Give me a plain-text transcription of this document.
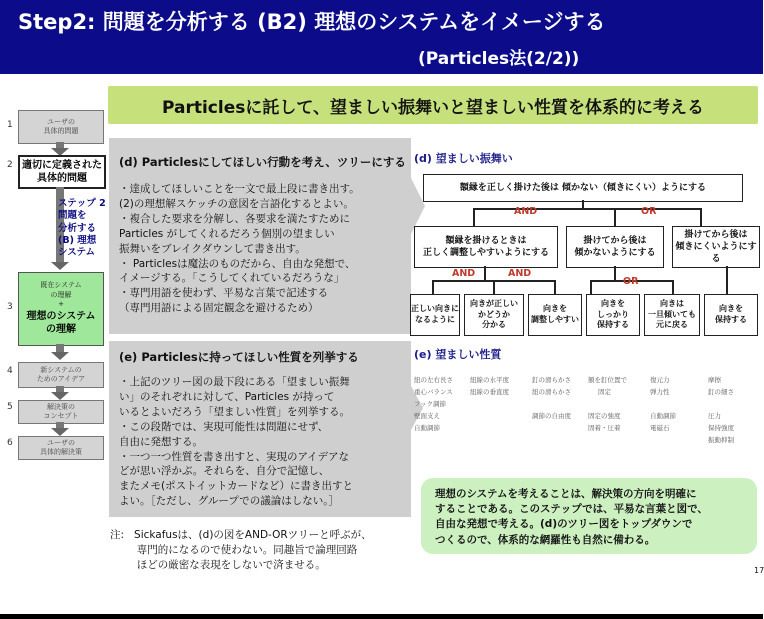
Step2: 問題を分析する (B2) 理想のシステムをイメージする
(Particles法(2/2))
Particlesに託して、望ましい振舞いと望ましい性質を体系的に考える
1	ユーザの
具体的問題
2 適切に定義された
具体的問題
ステップ 2
問題を
分析する
(B) 理想
システム
3
既在システム
の理解
+
理想のシステム
の理解
4	新システムの
ためのアイデア
5	解決策の
コンセプト
6	ユーザの
具体的解決策
(d) Particlesにしてほしい行動を考え、ツリーにする
・達成してほしいことを一文で最上段に書き出す。
(2)の理想解スケッチの意図を言語化するとよい。
・複合した要求を分解し、各要求を満たすために
Particles がしてくれるだろう個別の望ましい
振舞いをブレイクダウンして書き出す。
・ Particlesは魔法のものだから、自由な発想で、
イメージする。「こうしてくれているだろうな」
・専門用語を使わず、平易な言葉で記述する
（専門用語による固定観念を避けるため）
(e) Particlesに持ってほしい性質を列挙する
・上記のツリー図の最下段にある「望ましい振舞
い」のそれぞれに対して、Particles が持って
いるとよいだろう「望ましい性質」を列挙する。
・この段階では、実現可能性は問題にせず、
自由に発想する。
・一つ一つ性質を書き出すと、実現のアイデアな
どが思い浮かぶ。それらを、自分で記憶し、
またメモ(ポストイットカードなど）に書き出すと
よい。［ただし、グループでの議論はしない。］
(d) 望ましい振舞い
額縁を正しく掛けた後は 傾かない（傾きにくい）ようにする
AND	OR
額縁を掛けるときは
正しく調整しやすいようにする
掛けてから後は
傾かないようにする
掛けてから後は
傾きにくいようにする
AND	AND
OR
正しい向きに
なるように
向きが正しい
かどうか
分かる
向きを
調整しやすい
向きを
しっかり
保持する
向きは
一旦傾いても
元に戻る
向きを
保持する
(e) 望ましい性質
紐の左右長さ
重心バランス
フック調節
壁面支え
自動調節
紐線の水平度
紐線の垂直度
釘の滑らかさ
紐の滑らかさ
調節の自由度
額を釘位置で
固定
固定の強度
固着・圧着
復元力
弾力性
自動調節
電磁石
摩擦
釘の細さ
圧力
保持強度
振動抑制
理想のシステムを考えることは、解決策の方向を明確に
することである。このステップでは、平易な言葉と図で、
自由な発想で考える。(d)のツリー図をトップダウンで
つくるので、体系的な網羅性も自然に備わる。
注:   Sickafusは、(d)の図をAND-ORツリーと呼ぶが、
専門的になるので使わない。同趣旨で論理回路
ほどの厳密な表現をしないで済ませる。	17
